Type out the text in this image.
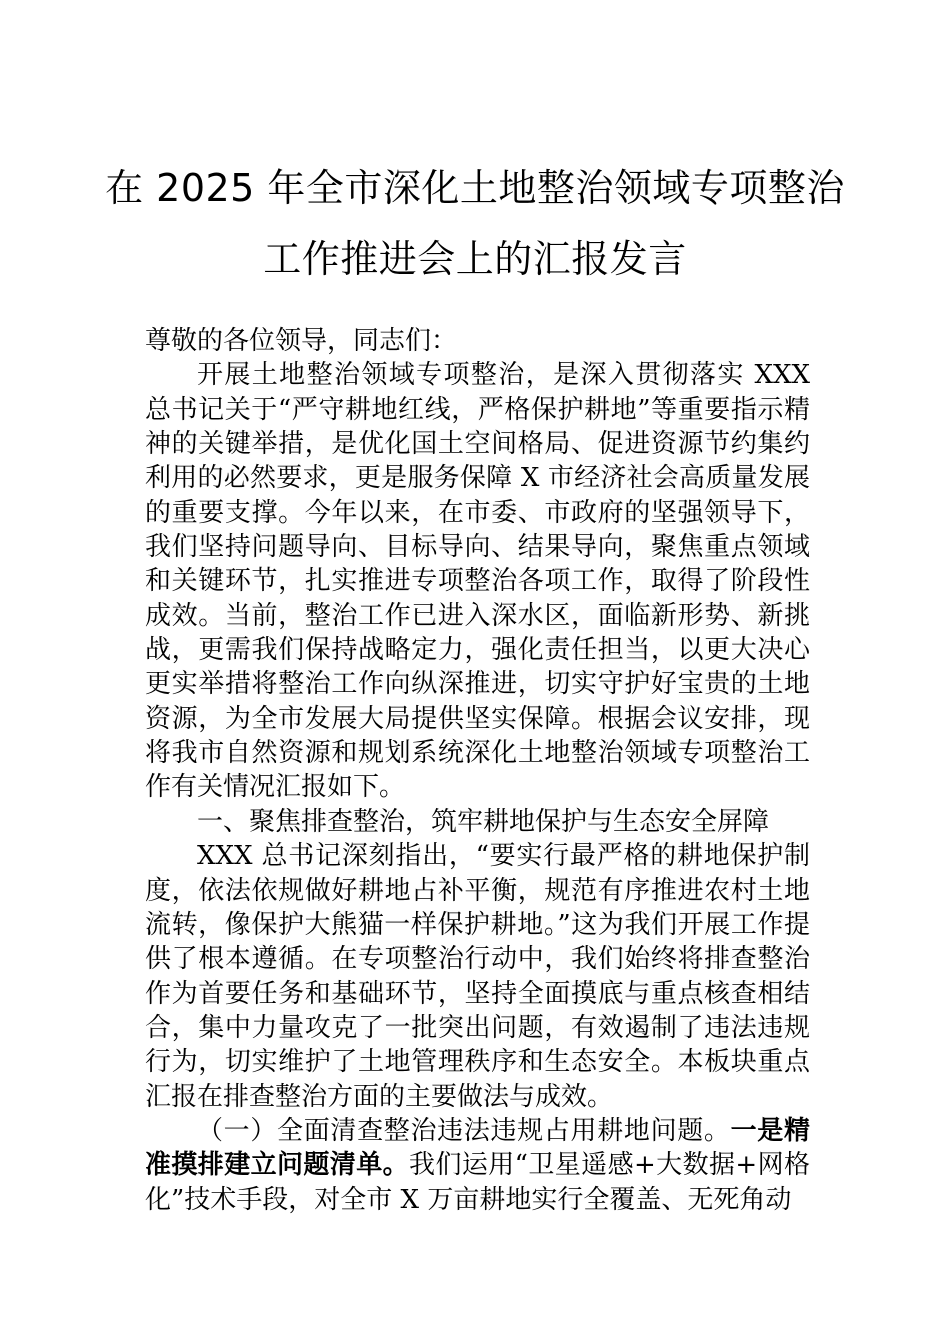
在 2025 年全市深化土地整治领域专项整治
工作推进会上的汇报发言

尊敬的各位领导，同志们：

开展土地整治领域专项整治，是深入贯彻落实 XXX 总书记关于“严守耕地红线，严格保护耕地”等重要指示精神的关键举措，是优化国土空间格局、促进资源节约集约利用的必然要求，更是服务保障 X 市经济社会高质量发展的重要支撑。今年以来，在市委、市政府的坚强领导下，我们坚持问题导向、目标导向、结果导向，聚焦重点领域和关键环节，扎实推进专项整治各项工作，取得了阶段性成效。当前，整治工作已进入深水区，面临新形势、新挑战，更需我们保持战略定力，强化责任担当，以更大决心更实举措将整治工作向纵深推进，切实守护好宝贵的土地资源，为全市发展大局提供坚实保障。根据会议安排，现将我市自然资源和规划系统深化土地整治领域专项整治工作有关情况汇报如下。

一、聚焦排查整治，筑牢耕地保护与生态安全屏障

XXX 总书记深刻指出，“要实行最严格的耕地保护制度，依法依规做好耕地占补平衡，规范有序推进农村土地流转，像保护大熊猫一样保护耕地。”这为我们开展工作提供了根本遵循。在专项整治行动中，我们始终将排查整治作为首要任务和基础环节，坚持全面摸底与重点核查相结合，集中力量攻克了一批突出问题，有效遏制了违法违规行为，切实维护了土地管理秩序和生态安全。本板块重点汇报在排查整治方面的主要做法与成效。

（一）全面清查整治违法违规占用耕地问题。一是精准摸排建立问题清单。我们运用“卫星遥感+大数据+网格化”技术手段，对全市 X 万亩耕地实行全覆盖、无死角动
